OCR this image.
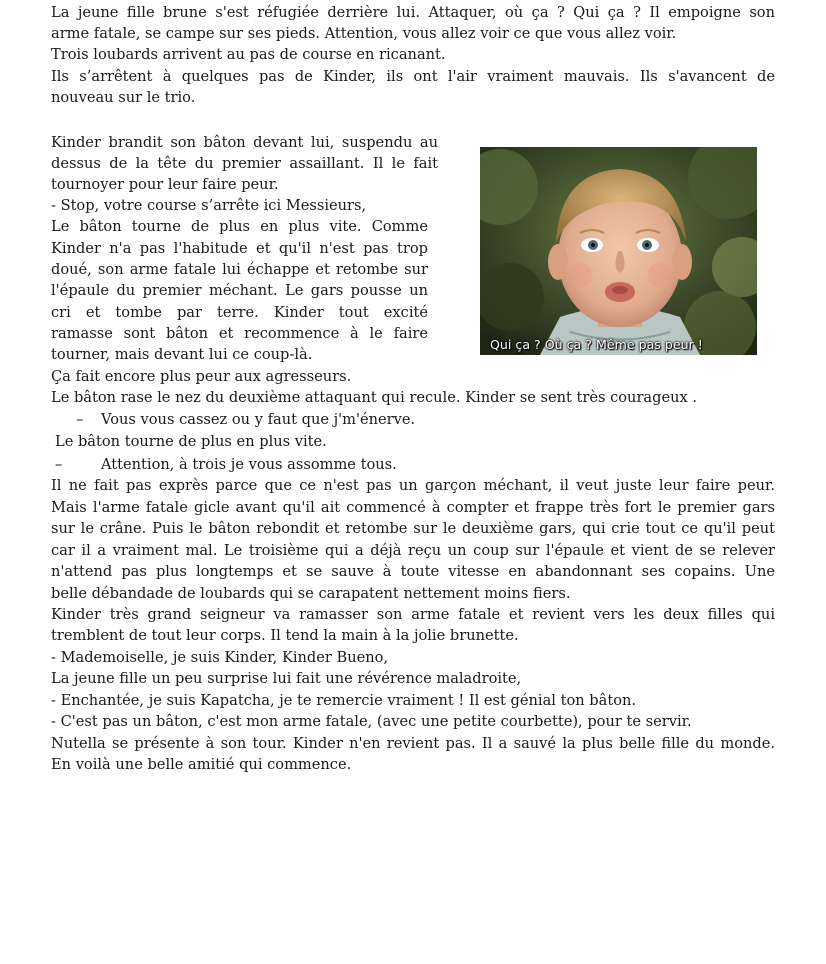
La jeune fille brune s'est réfugiée derrière lui. Attaquer, où ça ? Qui ça ? Il empoigne son
arme fatale, se campe sur ses pieds. Attention, vous allez voir ce que vous allez voir.
Trois loubards arrivent au pas de course en ricanant.
Ils s’arrêtent à quelques pas de Kinder, ils ont l'air vraiment mauvais. Ils s'avancent de
nouveau sur le trio.
Kinder brandit son bâton devant lui, suspendu au
dessus de la tête du premier assaillant. Il le fait
tournoyer pour leur faire peur.
- Stop, votre course s’arrête ici Messieurs,
Le bâton tourne de plus en plus vite. Comme
Kinder n'a pas l'habitude et qu'il n'est pas trop
doué, son arme fatale lui échappe et retombe sur
l'épaule du premier méchant. Le gars pousse un
cri et tombe par terre. Kinder tout excité
ramasse sont bâton et recommence à le faire
tourner, mais devant lui ce coup-là.
Ça fait encore plus peur aux agresseurs.
Le bâton rase le nez du deuxième attaquant qui recule. Kinder se sent très courageux .
– Vous vous cassez ou y faut que j'm'énerve.
Le bâton tourne de plus en plus vite.
–	Attention, à trois je vous assomme tous.
Il ne fait pas exprès parce que ce n'est pas un garçon méchant, il veut juste leur faire peur.
Mais l'arme fatale gicle avant qu'il ait commencé à compter et frappe très fort le premier gars
sur le crâne. Puis le bâton rebondit et retombe sur le deuxième gars, qui crie tout ce qu'il peut
car il a vraiment mal. Le troisième qui a déjà reçu un coup sur l'épaule et vient de se relever
n'attend pas plus longtemps et se sauve à toute vitesse en abandonnant ses copains. Une
belle débandade de loubards qui se carapatent nettement moins fiers.
Kinder très grand seigneur va ramasser son arme fatale et revient vers les deux filles qui
tremblent de tout leur corps. Il tend la main à la jolie brunette.
- Mademoiselle, je suis Kinder, Kinder Bueno,
La jeune fille un peu surprise lui fait une révérence maladroite,
- Enchantée, je suis Kapatcha, je te remercie vraiment ! Il est génial ton bâton.
- C'est pas un bâton, c'est mon arme fatale, (avec une petite courbette), pour te servir.
Nutella se présente à son tour. Kinder n'en revient pas. Il a sauvé la plus belle fille du monde.
En voilà une belle amitié qui commence.
Qui ça ? Où ça ? Même pas peur !
